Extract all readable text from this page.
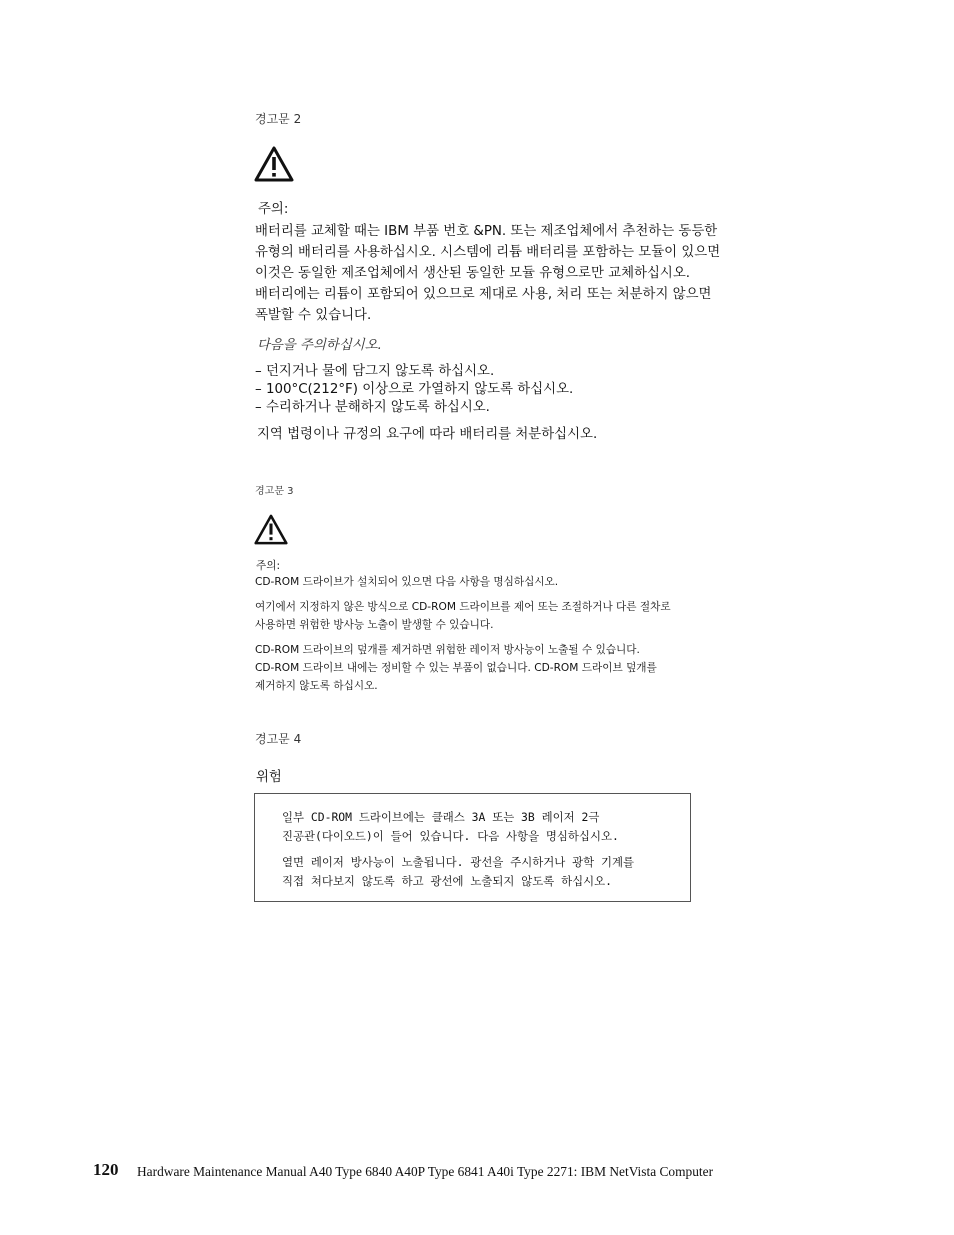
경고문 2
주의:
배터리를 교체할 때는 IBM 부품 번호 &PN. 또는 제조업체에서 추천하는 동등한
유형의 배터리를 사용하십시오. 시스템에 리튬 배터리를 포함하는 모듈이 있으면
이것은 동일한 제조업체에서 생산된 동일한 모듈 유형으로만 교체하십시오.
배터리에는 리튬이 포함되어 있으므로 제대로 사용, 처리 또는 처분하지 않으면
폭발할 수 있습니다.
다음을 주의하십시오.
– 던지거나 물에 담그지 않도록 하십시오.
– 100°C(212°F) 이상으로 가열하지 않도록 하십시오.
– 수리하거나 분해하지 않도록 하십시오.
지역 법령이나 규정의 요구에 따라 배터리를 처분하십시오.
경고문 3
주의:
CD-ROM 드라이브가 설치되어 있으면 다음 사항을 명심하십시오.
여기에서 지정하지 않은 방식으로 CD-ROM 드라이브를 제어 또는 조절하거나 다른 절차로
사용하면 위험한 방사능 노출이 발생할 수 있습니다.
CD-ROM 드라이브의 덮개를 제거하면 위험한 레이저 방사능이 노출될 수 있습니다.
CD-ROM 드라이브 내에는 정비할 수 있는 부품이 없습니다. CD-ROM 드라이브 덮개를
제거하지 않도록 하십시오.
경고문 4
위험
일부 CD-ROM 드라이브에는 클래스 3A 또는 3B 레이저 2극
진공관(다이오드)이 들어 있습니다. 다음 사항을 명심하십시오.
열면 레이저 방사능이 노출됩니다. 광선을 주시하거나 광학 기계를
직접 쳐다보지 않도록 하고 광선에 노출되지 않도록 하십시오.
120 Hardware Maintenance Manual A40 Type 6840 A40P Type 6841 A40i Type 2271: IBM NetVista Computer
